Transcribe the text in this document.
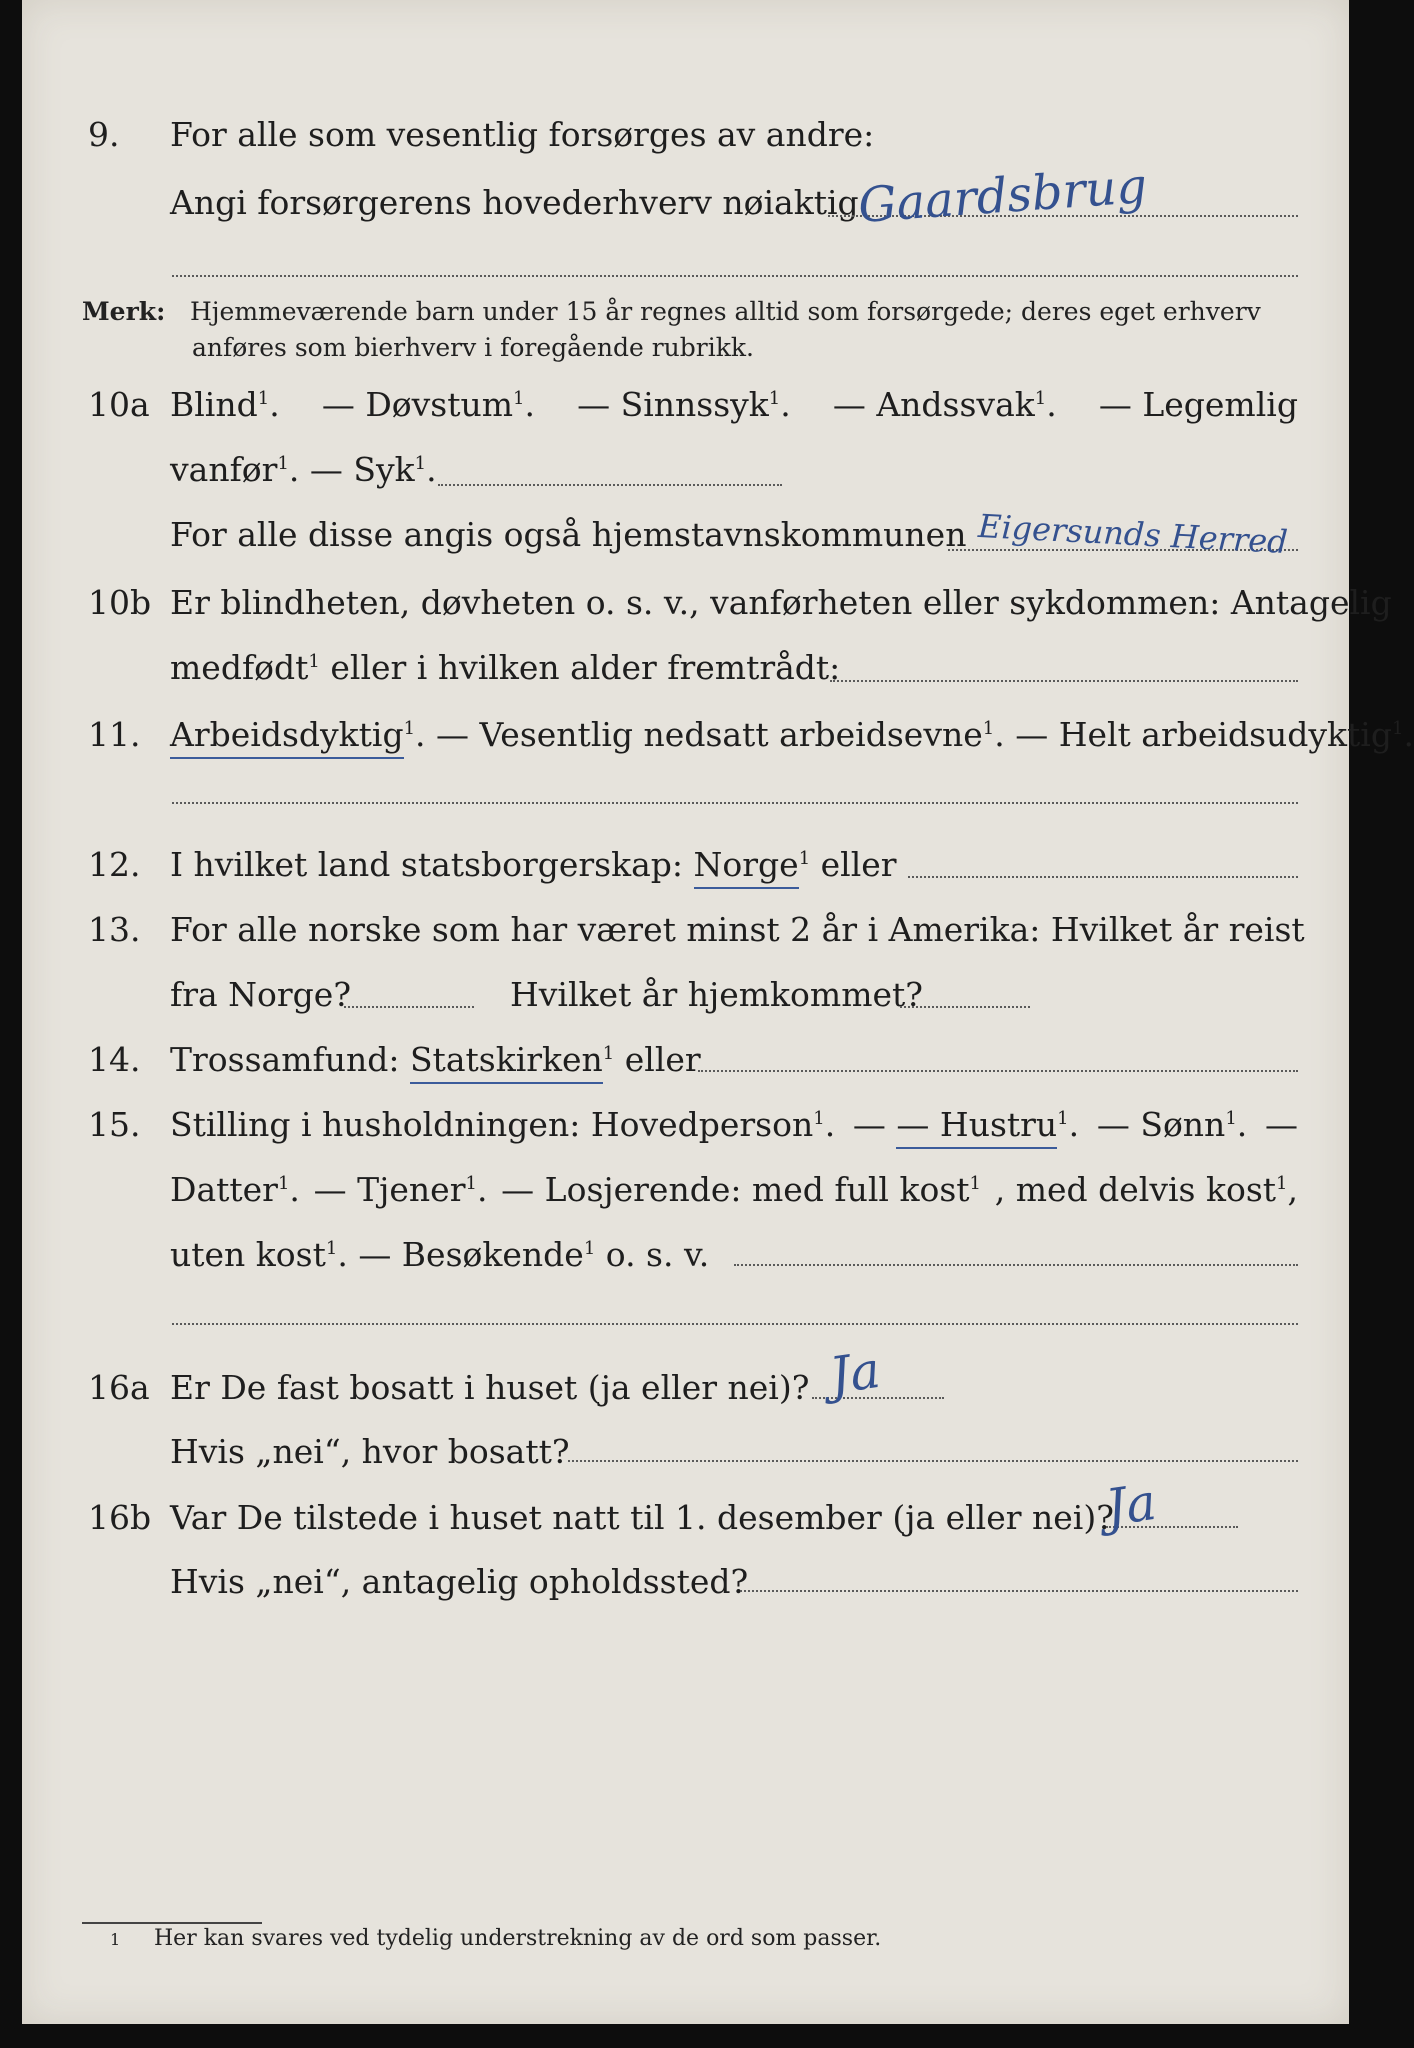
9. For alle som vesentlig forsørges av andre:
Angi forsørgerens hovederhverv nøiaktig
Gaardsbrug
Merk: Hjemmeværende barn under 15 år regnes alltid som forsørgede; deres eget erhverv
anføres som bierhverv i foregående rubrikk.
10a Blind$^1$. — Døvstum$^1$. — Sinnssyk$^1$. — Andssvak$^1$. — Legemlig
vanfør$^1$. — Syk$^1$.
For alle disse angis også hjemstavnskommunen Eigersunds Herred
10b Er blindheten, døvheten o. s. v., vanførheten eller sykdommen: Antagelig
medfødt$^1$ eller i hvilken alder fremtrådt:
11. Arbeidsdyktig$^1$. — Vesentlig nedsatt arbeidsevne$^1$. — Helt arbeidsudyktig$^1$.
12. I hvilket land statsborgerskap: Norge$^1$ eller
13. For alle norske som har været minst 2 år i Amerika: Hvilket år reist
fra Norge?	Hvilket år hjemkommet?
14. Trossamfund: Statskirken$^1$ eller
15. Stilling i husholdningen: Hovedperson$^1$. — — Hustru$^1$. — Sønn$^1$. —
Datter$^1$. — Tjener$^1$. — Losjerende: med full kost$^1$ , med delvis kost$^1$,
uten kost$^1$. — Besøkende$^1$ o. s. v.
16a Er De fast bosatt i huset (ja eller nei)? Ja
Hvis „nei“, hvor bosatt?
16b Var De tilstede i huset natt til 1. desember (ja eller nei)?
Ja
Hvis „nei“, antagelig opholdssted?
1 Her kan svares ved tydelig understrekning av de ord som passer.
